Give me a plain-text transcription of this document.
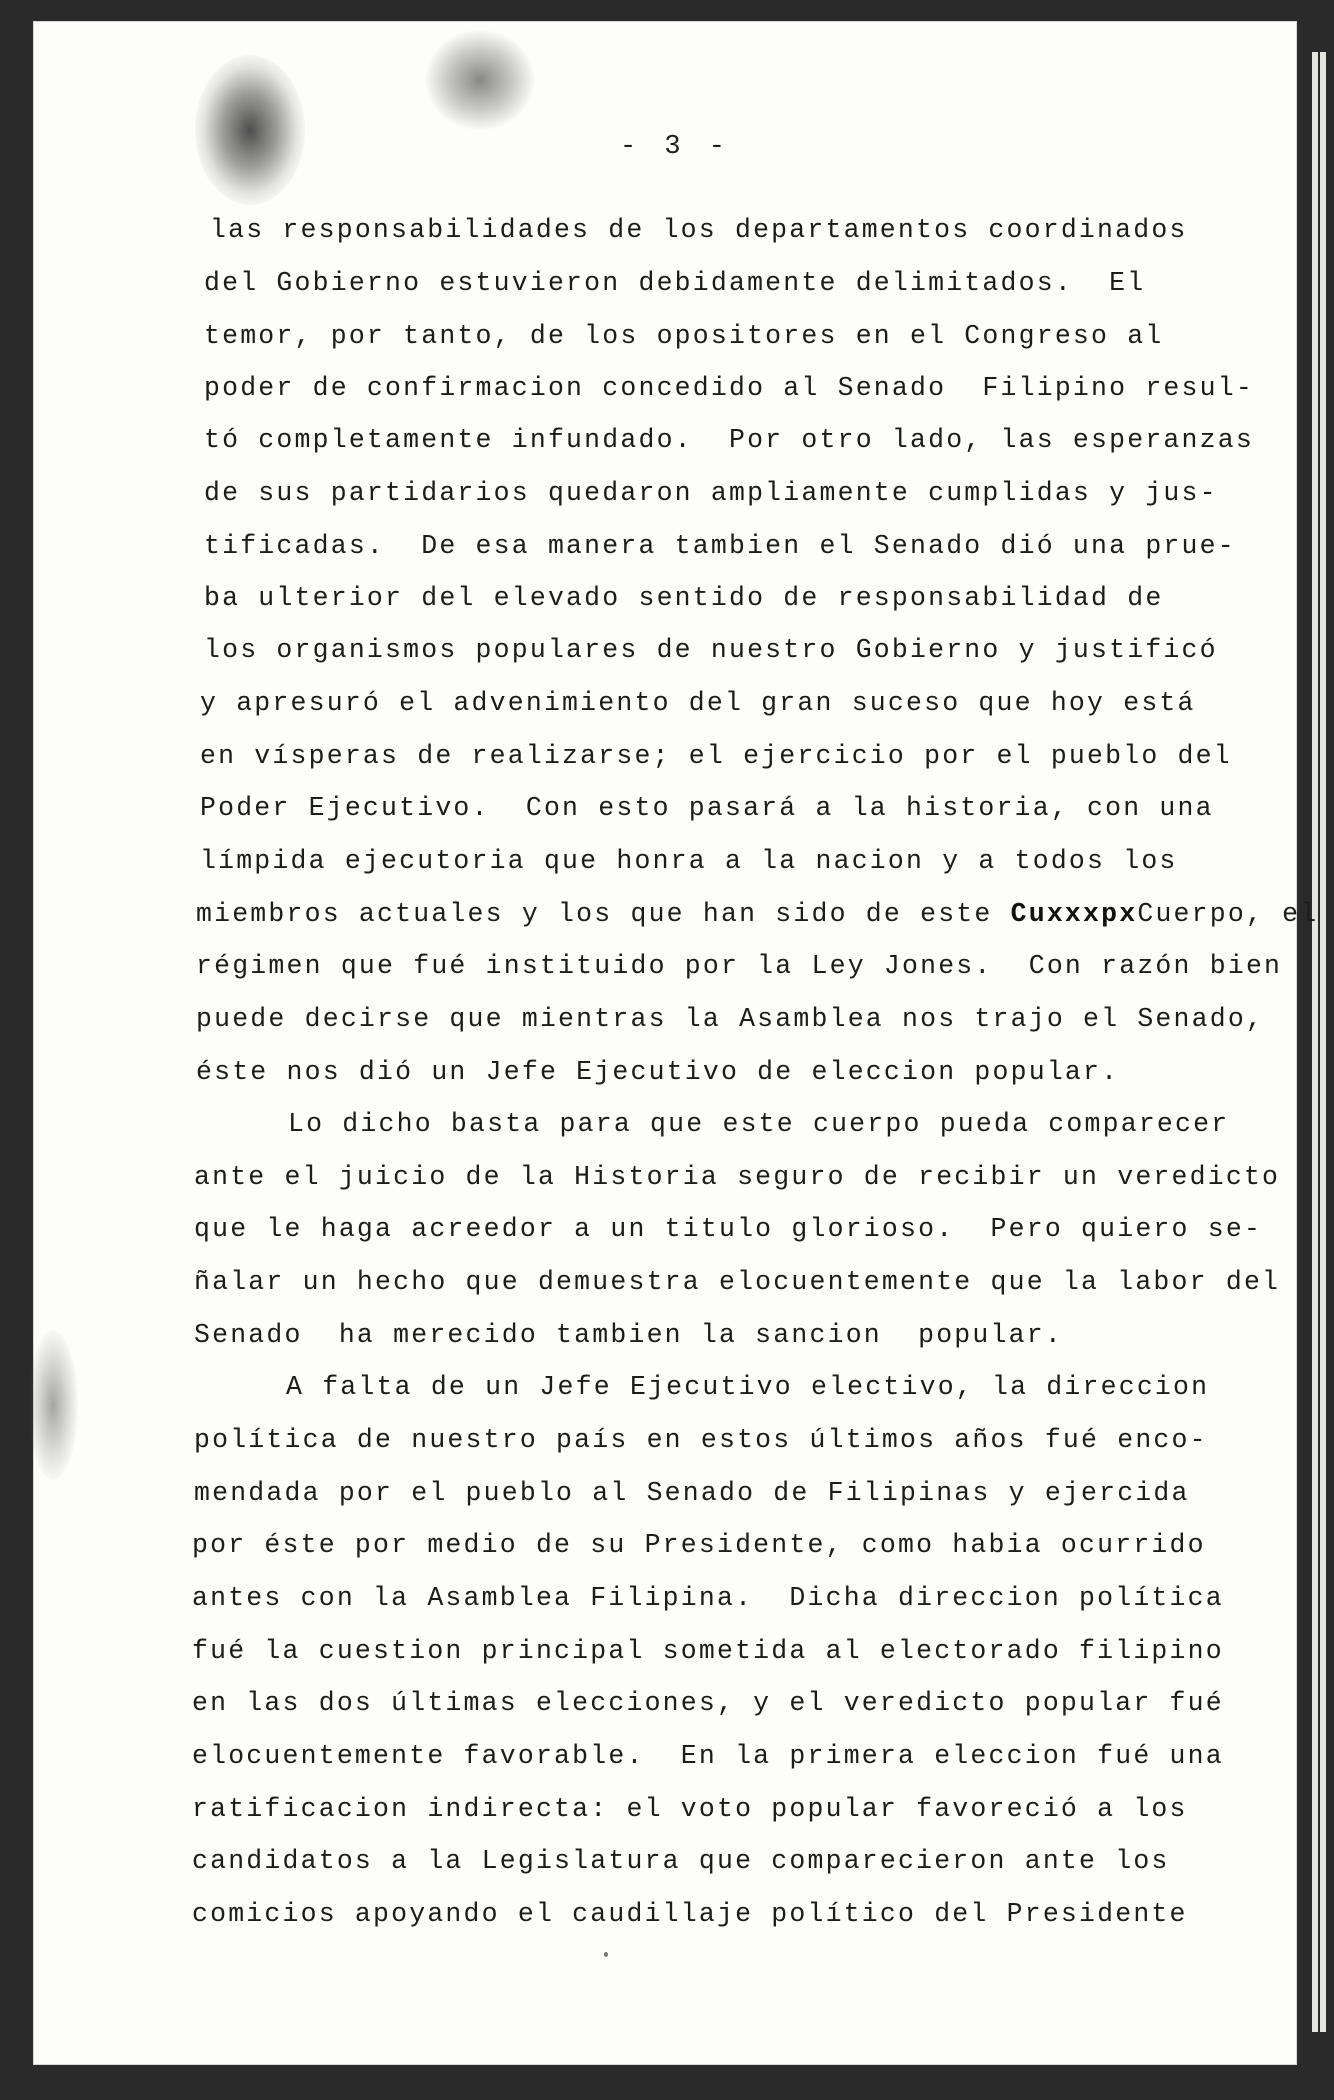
- 3 -
las responsabilidades de los departamentos coordinados
del Gobierno estuvieron debidamente delimitados.  El
temor, por tanto, de los opositores en el Congreso al
poder de confirmacion concedido al Senado  Filipino resul-
tó completamente infundado.  Por otro lado, las esperanzas
de sus partidarios quedaron ampliamente cumplidas y jus-
tificadas.  De esa manera tambien el Senado dió una prue-
ba ulterior del elevado sentido de responsabilidad de
los organismos populares de nuestro Gobierno y justificó
y apresuró el advenimiento del gran suceso que hoy está
en vísperas de realizarse; el ejercicio por el pueblo del
Poder Ejecutivo.  Con esto pasará a la historia, con una
límpida ejecutoria que honra a la nacion y a todos los
miembros actuales y los que han sido de este CuxxxpxCuerpo, el
régimen que fué instituido por la Ley Jones.  Con razón bien
puede decirse que mientras la Asamblea nos trajo el Senado,
éste nos dió un Jefe Ejecutivo de eleccion popular.
Lo dicho basta para que este cuerpo pueda comparecer
ante el juicio de la Historia seguro de recibir un veredicto
que le haga acreedor a un titulo glorioso.  Pero quiero se-
ñalar un hecho que demuestra elocuentemente que la labor del
Senado  ha merecido tambien la sancion  popular.
A falta de un Jefe Ejecutivo electivo, la direccion
política de nuestro país en estos últimos años fué enco-
mendada por el pueblo al Senado de Filipinas y ejercida
por éste por medio de su Presidente, como habia ocurrido
antes con la Asamblea Filipina.  Dicha direccion política
fué la cuestion principal sometida al electorado filipino
en las dos últimas elecciones, y el veredicto popular fué
elocuentemente favorable.  En la primera eleccion fué una
ratificacion indirecta: el voto popular favoreció a los
candidatos a la Legislatura que comparecieron ante los
comicios apoyando el caudillaje político del Presidente
